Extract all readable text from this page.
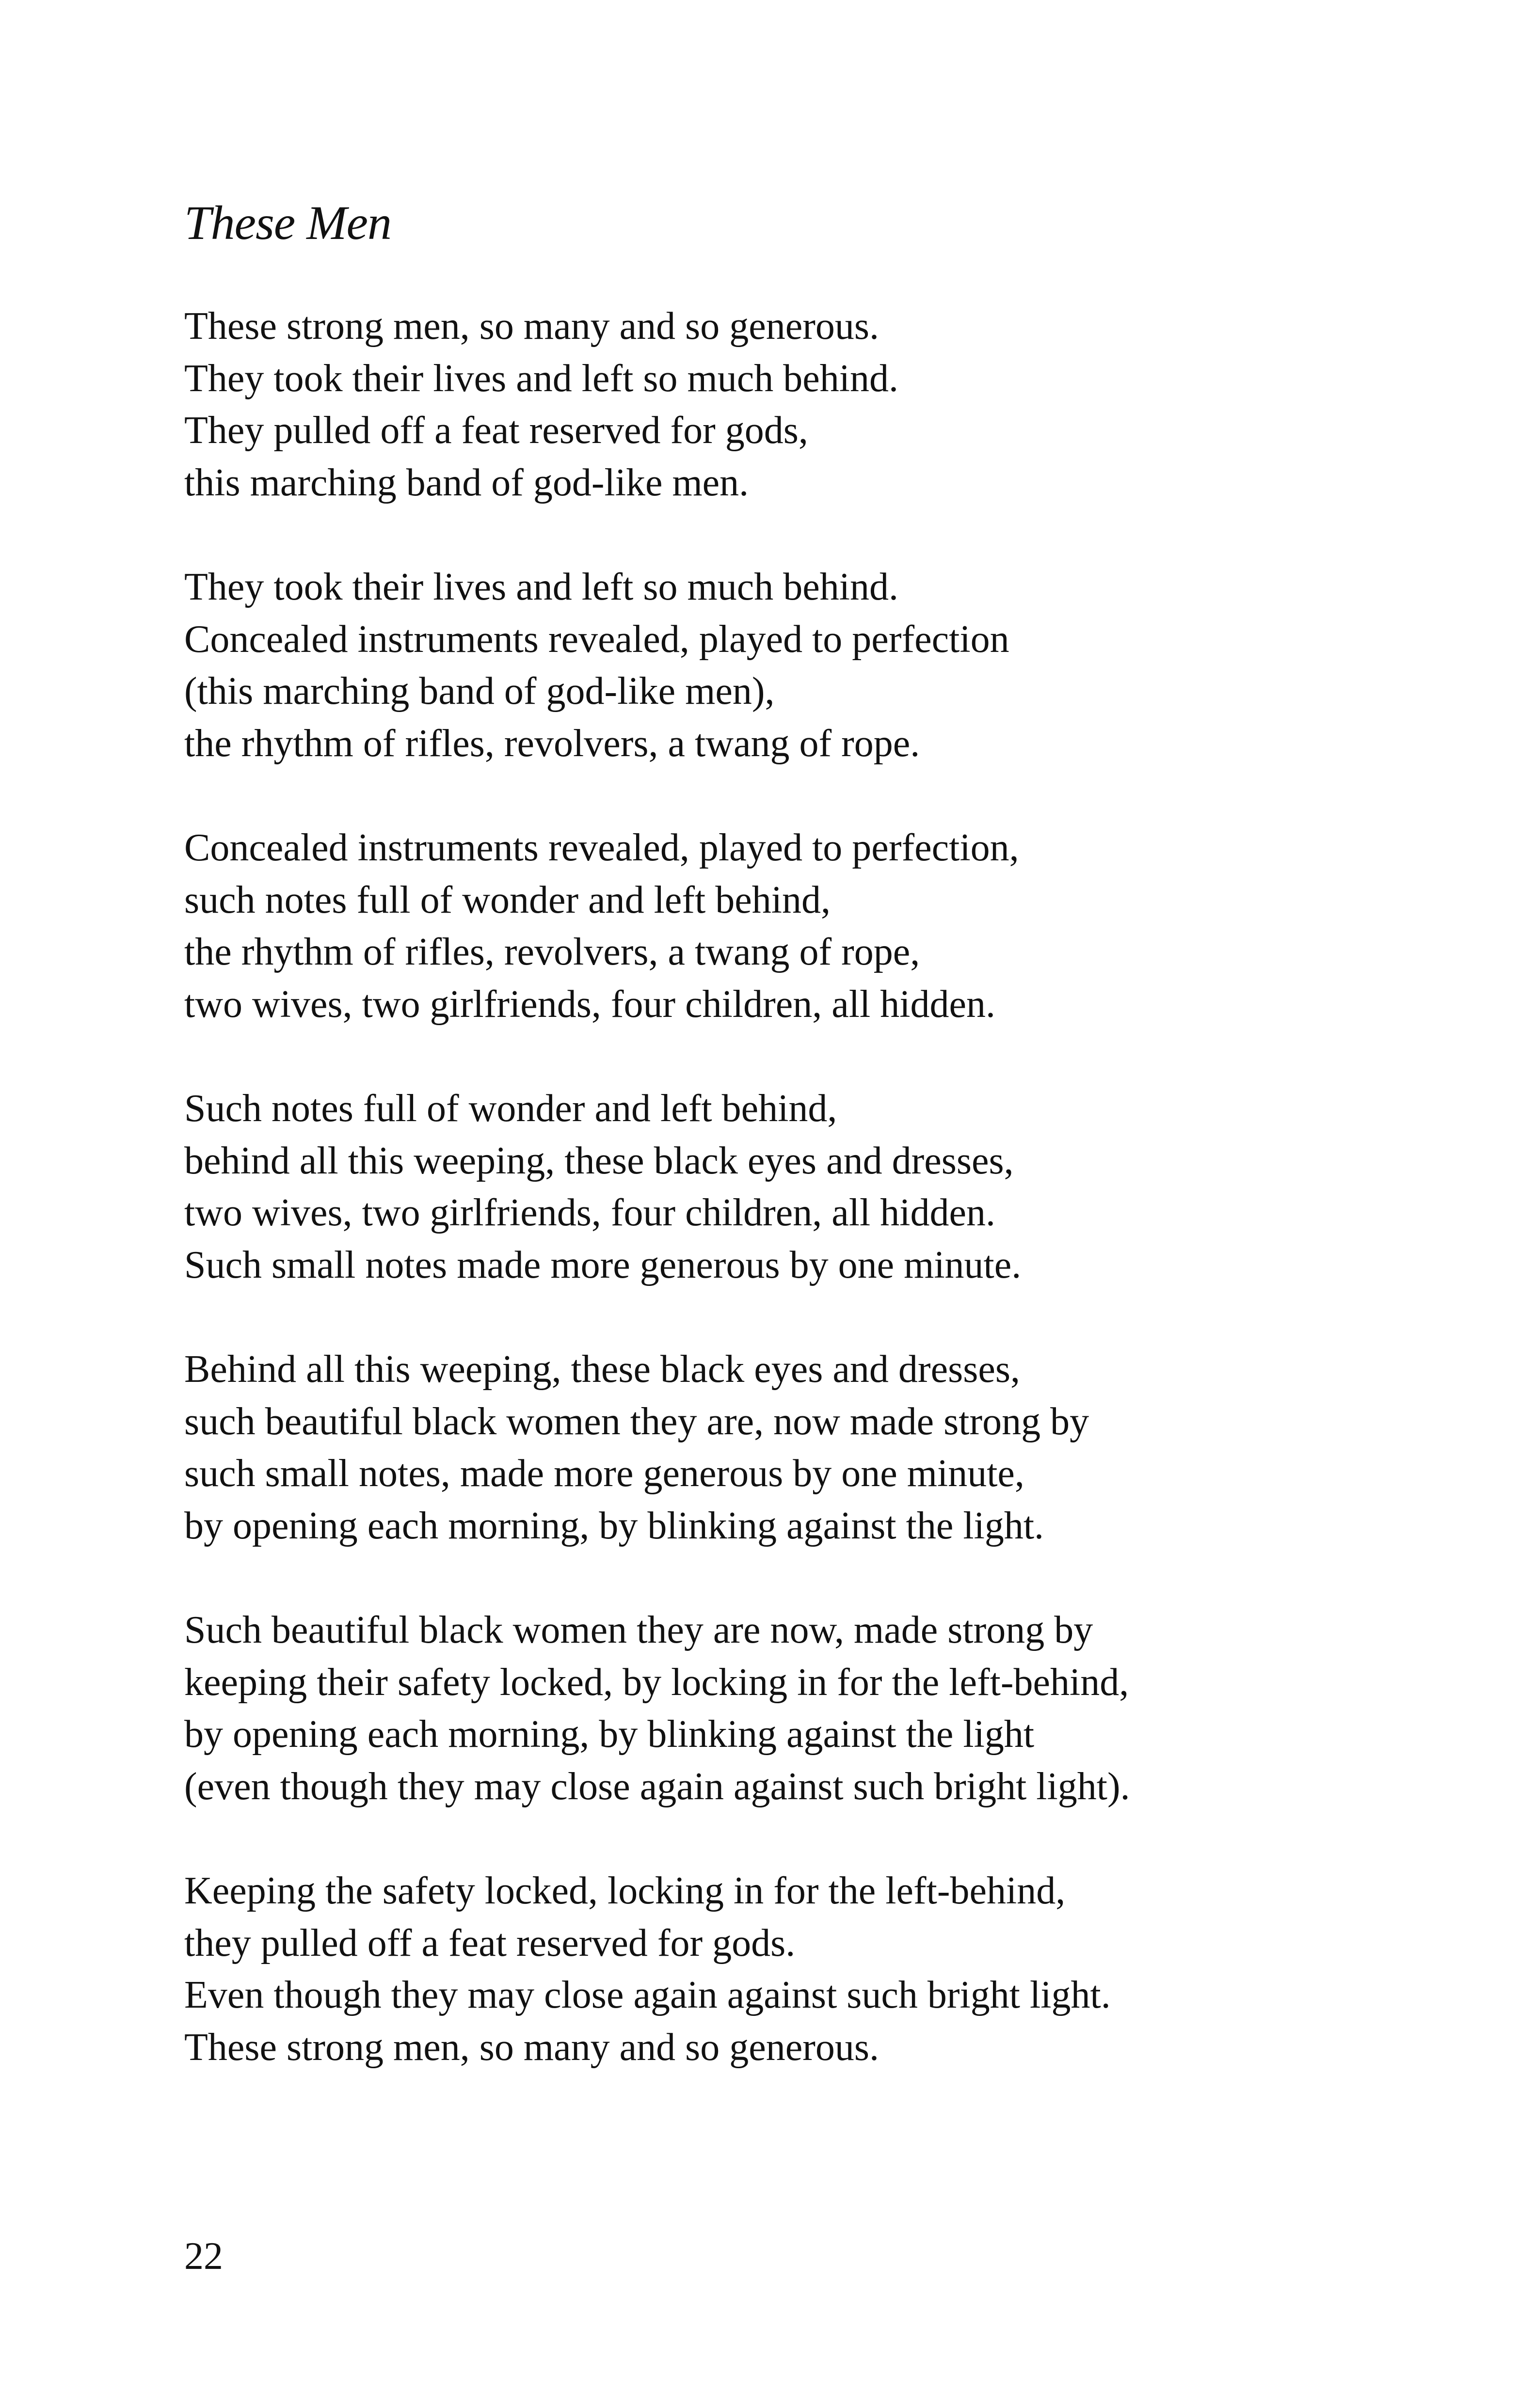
These Men
These strong men, so many and so generous.
They took their lives and left so much behind.
They pulled off a feat reserved for gods,
this marching band of god-like men.
They took their lives and left so much behind.
Concealed instruments revealed, played to perfection
(this marching band of god-like men),
the rhythm of rifles, revolvers, a twang of rope.
Concealed instruments revealed, played to perfection,
such notes full of wonder and left behind,
the rhythm of rifles, revolvers, a twang of rope,
two wives, two girlfriends, four children, all hidden.
Such notes full of wonder and left behind,
behind all this weeping, these black eyes and dresses,
two wives, two girlfriends, four children, all hidden.
Such small notes made more generous by one minute.
Behind all this weeping, these black eyes and dresses,
such beautiful black women they are, now made strong by
such small notes, made more generous by one minute,
by opening each morning, by blinking against the light.
Such beautiful black women they are now, made strong by
keeping their safety locked, by locking in for the left-behind,
by opening each morning, by blinking against the light
(even though they may close again against such bright light).
Keeping the safety locked, locking in for the left-behind,
they pulled off a feat reserved for gods.
Even though they may close again against such bright light.
These strong men, so many and so generous.
22
